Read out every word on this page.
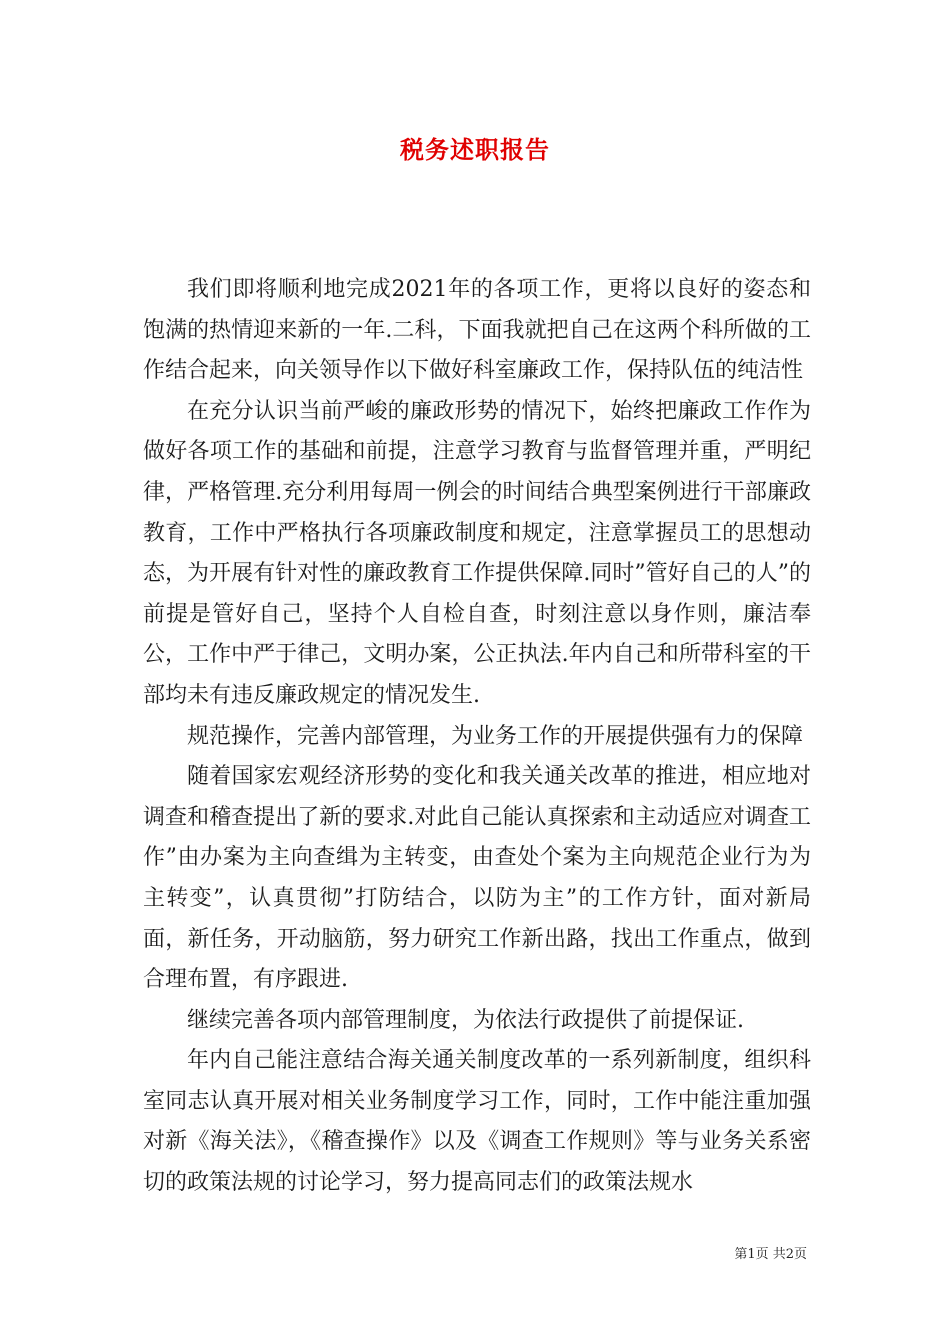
税务述职报告

我们即将顺利地完成2021年的各项工作，更将以良好的姿态和饱满的热情迎来新的一年.二科，下面我就把自己在这两个科所做的工作结合起来，向关领导作以下做好科室廉政工作，保持队伍的纯洁性

在充分认识当前严峻的廉政形势的情况下，始终把廉政工作作为做好各项工作的基础和前提，注意学习教育与监督管理并重，严明纪律，严格管理.充分利用每周一例会的时间结合典型案例进行干部廉政教育，工作中严格执行各项廉政制度和规定，注意掌握员工的思想动态，为开展有针对性的廉政教育工作提供保障.同时”管好自己的人”的前提是管好自己，坚持个人自检自查，时刻注意以身作则，廉洁奉公，工作中严于律己，文明办案，公正执法.年内自己和所带科室的干部均未有违反廉政规定的情况发生.

规范操作，完善内部管理，为业务工作的开展提供强有力的保障

随着国家宏观经济形势的变化和我关通关改革的推进，相应地对调查和稽查提出了新的要求.对此自己能认真探索和主动适应对调查工作”由办案为主向查缉为主转变，由查处个案为主向规范企业行为为主转变”，认真贯彻”打防结合，以防为主”的工作方针，面对新局面，新任务，开动脑筋，努力研究工作新出路，找出工作重点，做到合理布置，有序跟进.

继续完善各项内部管理制度，为依法行政提供了前提保证.

年内自己能注意结合海关通关制度改革的一系列新制度，组织科室同志认真开展对相关业务制度学习工作，同时，工作中能注重加强对新《海关法》，《稽查操作》以及《调查工作规则》等与业务关系密切的政策法规的讨论学习，努力提高同志们的政策法规水

第1页 共2页
